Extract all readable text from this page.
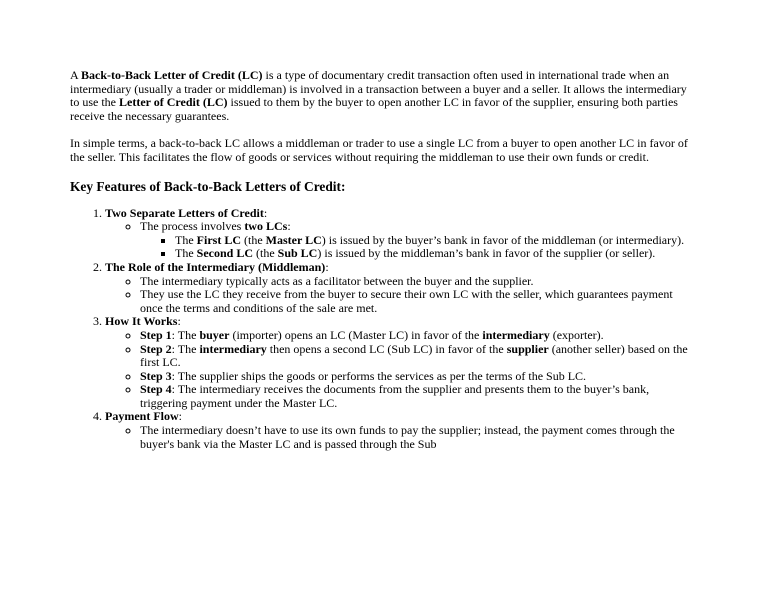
A Back-to-Back Letter of Credit (LC) is a type of documentary credit transaction often used in international trade when an intermediary (usually a trader or middleman) is involved in a transaction between a buyer and a seller. It allows the intermediary to use the Letter of Credit (LC) issued to them by the buyer to open another LC in favor of the supplier, ensuring both parties receive the necessary guarantees.

In simple terms, a back-to-back LC allows a middleman or trader to use a single LC from a buyer to open another LC in favor of the seller. This facilitates the flow of goods or services without requiring the middleman to use their own funds or credit.

Key Features of Back-to-Back Letters of Credit:
1. Two Separate Letters of Credit:
◦ The process involves two LCs:
▪ The First LC (the Master LC) is issued by the buyer’s bank in favor of the middleman (or intermediary).
▪ The Second LC (the Sub LC) is issued by the middleman’s bank in favor of the supplier (or seller).
2. The Role of the Intermediary (Middleman):
◦ The intermediary typically acts as a facilitator between the buyer and the supplier.
◦ They use the LC they receive from the buyer to secure their own LC with the seller, which guarantees payment once the terms and conditions of the sale are met.
3. How It Works:
◦ Step 1: The buyer (importer) opens an LC (Master LC) in favor of the intermediary (exporter).
◦ Step 2: The intermediary then opens a second LC (Sub LC) in favor of the supplier (another seller) based on the first LC.
◦ Step 3: The supplier ships the goods or performs the services as per the terms of the Sub LC.
◦ Step 4: The intermediary receives the documents from the supplier and presents them to the buyer’s bank, triggering payment under the Master LC.
4. Payment Flow:
◦ The intermediary doesn’t have to use its own funds to pay the supplier; instead, the payment comes through the buyer's bank via the Master LC and is passed through the Sub
